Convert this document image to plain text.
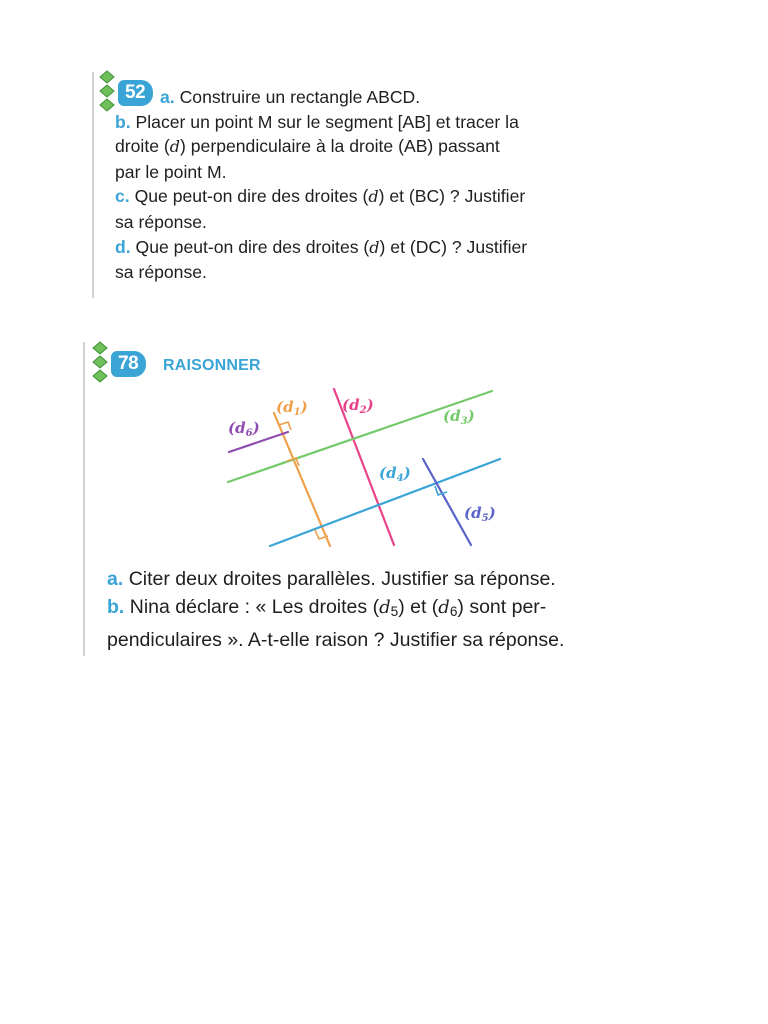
52 a. Construire un rectangle ABCD.
b. Placer un point M sur le segment [AB] et tracer la
droite (d) perpendiculaire à la droite (AB) passant
par le point M.
c. Que peut-on dire des droites (d) et (BC) ? Justifier
sa réponse.
d. Que peut-on dire des droites (d) et (DC) ? Justifier
sa réponse.

78	RAISONNER
$(d_1)$ $(d_2)$
$(d_3)$
$(d_4)$
$(d_5)$
$(d_6)$

a. Citer deux droites parallèles. Justifier sa réponse.
b. Nina déclare : « Les droites $(d_5)$ et $(d_6)$ sont per-
pendiculaires ». A-t-elle raison ? Justifier sa réponse.
